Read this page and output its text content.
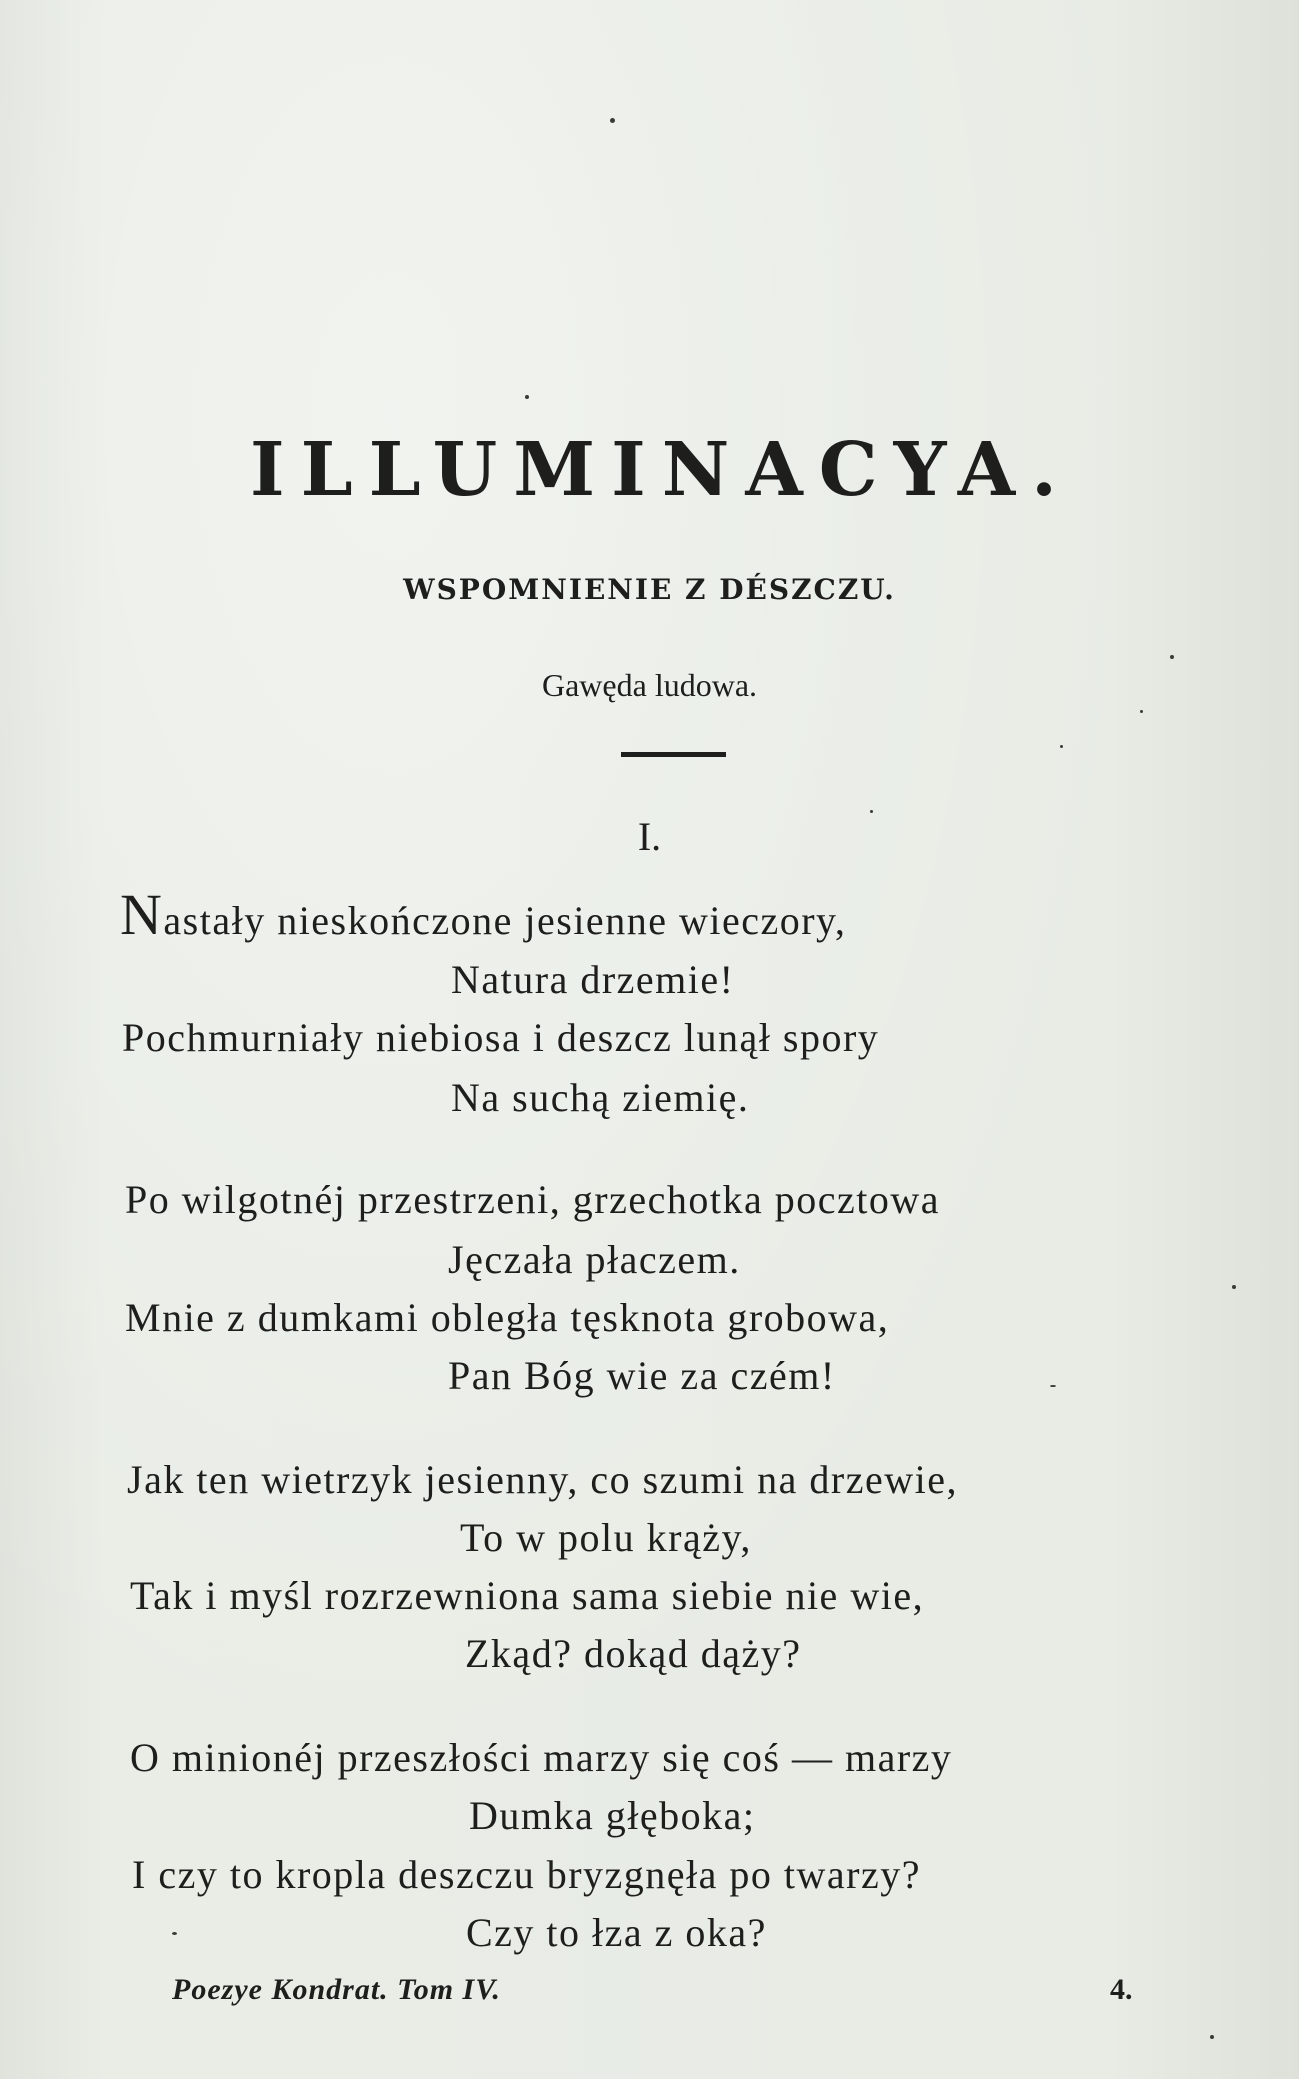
ILLUMINACYA.
WSPOMNIENIE Z DÉSZCZU.
Gawęda ludowa.
I.
Nastały nieskończone jesienne wieczory,
Natura drzemie!
Pochmurniały niebiosa i deszcz lunął spory
Na suchą ziemię.
Po wilgotnéj przestrzeni, grzechotka pocztowa
Jęczała płaczem.
Mnie z dumkami obległa tęsknota grobowa,
Pan Bóg wie za czém!
Jak ten wietrzyk jesienny, co szumi na drzewie,
To w polu krąży,
Tak i myśl rozrzewniona sama siebie nie wie,
Zkąd? dokąd dąży?
O minionéj przeszłości marzy się coś — marzy
Dumka głęboka;
I czy to kropla deszczu bryzgnęła po twarzy?
Czy to łza z oka?
Poezye Kondrat. Tom IV.	4.
